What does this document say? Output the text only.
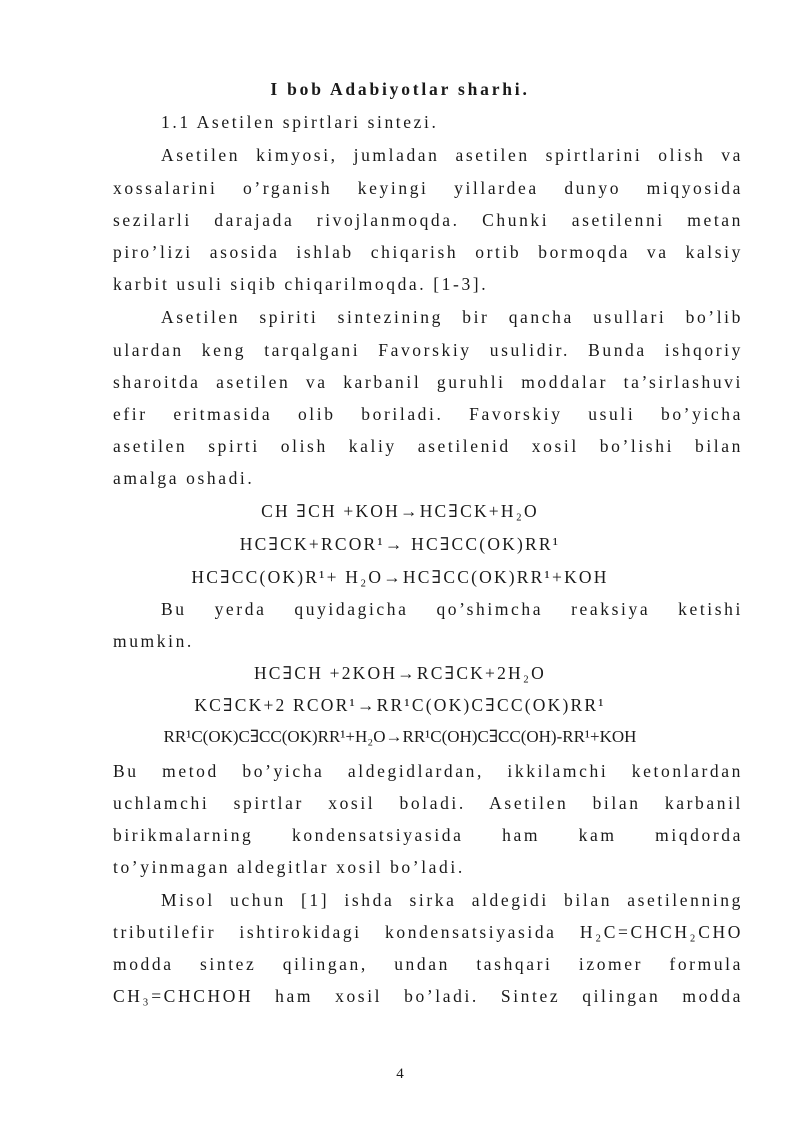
I bob Adabiyotlar sharhi.
1.1 Asetilen spirtlari sintezi.
Asetilen kimyosi, jumladan asetilen spirtlarini olish va
xossalarini o’rganish keyingi yillardea dunyo miqyosida
sezilarli darajada rivojlanmoqda. Chunki asetilenni metan
piro’lizi asosida ishlab chiqarish ortib bormoqda va kalsiy
karbit usuli siqib chiqarilmoqda. [1-3].
Asetilen spiriti sintezining bir qancha usullari bo’lib
ulardan keng tarqalgani Favorskiy usulidir. Bunda ishqoriy
sharoitda asetilen va karbanil guruhli moddalar ta’sirlashuvi
efir eritmasida olib boriladi. Favorskiy usuli bo’yicha
asetilen spirti olish kaliy asetilenid xosil bo’lishi bilan
amalga oshadi.
CH ∃CH +KOH→HC∃CK+H₂O
HC∃CK+RCOR¹→ HC∃CC(OK)RR¹
HC∃CC(OK)R¹+ H₂O→HC∃CC(OK)RR¹+KOH
Bu yerda quyidagicha qo’shimcha reaksiya ketishi
mumkin.
HC∃CH +2KOH→RC∃CK+2H₂O
KC∃CK+2 RCOR¹→RR¹C(OK)C∃CC(OK)RR¹
RR¹C(OK)C∃CC(OK)RR¹+H₂O→RR¹C(OH)C∃CC(OH)-RR¹+KOH
Bu metod bo’yicha aldegidlardan, ikkilamchi ketonlardan
uchlamchi spirtlar xosil boladi. Asetilen bilan karbanil
birikmalarning kondensatsiyasida ham kam miqdorda
to’yinmagan aldegitlar xosil bo’ladi.
Misol uchun [1] ishda sirka aldegidi bilan asetilenning
tributilefir ishtirokidagi kondensatsiyasida H₂C=CHCH₂CHO
modda sintez qilingan, undan tashqari izomer formula
CH₃=CHCHOH ham xosil bo’ladi. Sintez qilingan modda
4
